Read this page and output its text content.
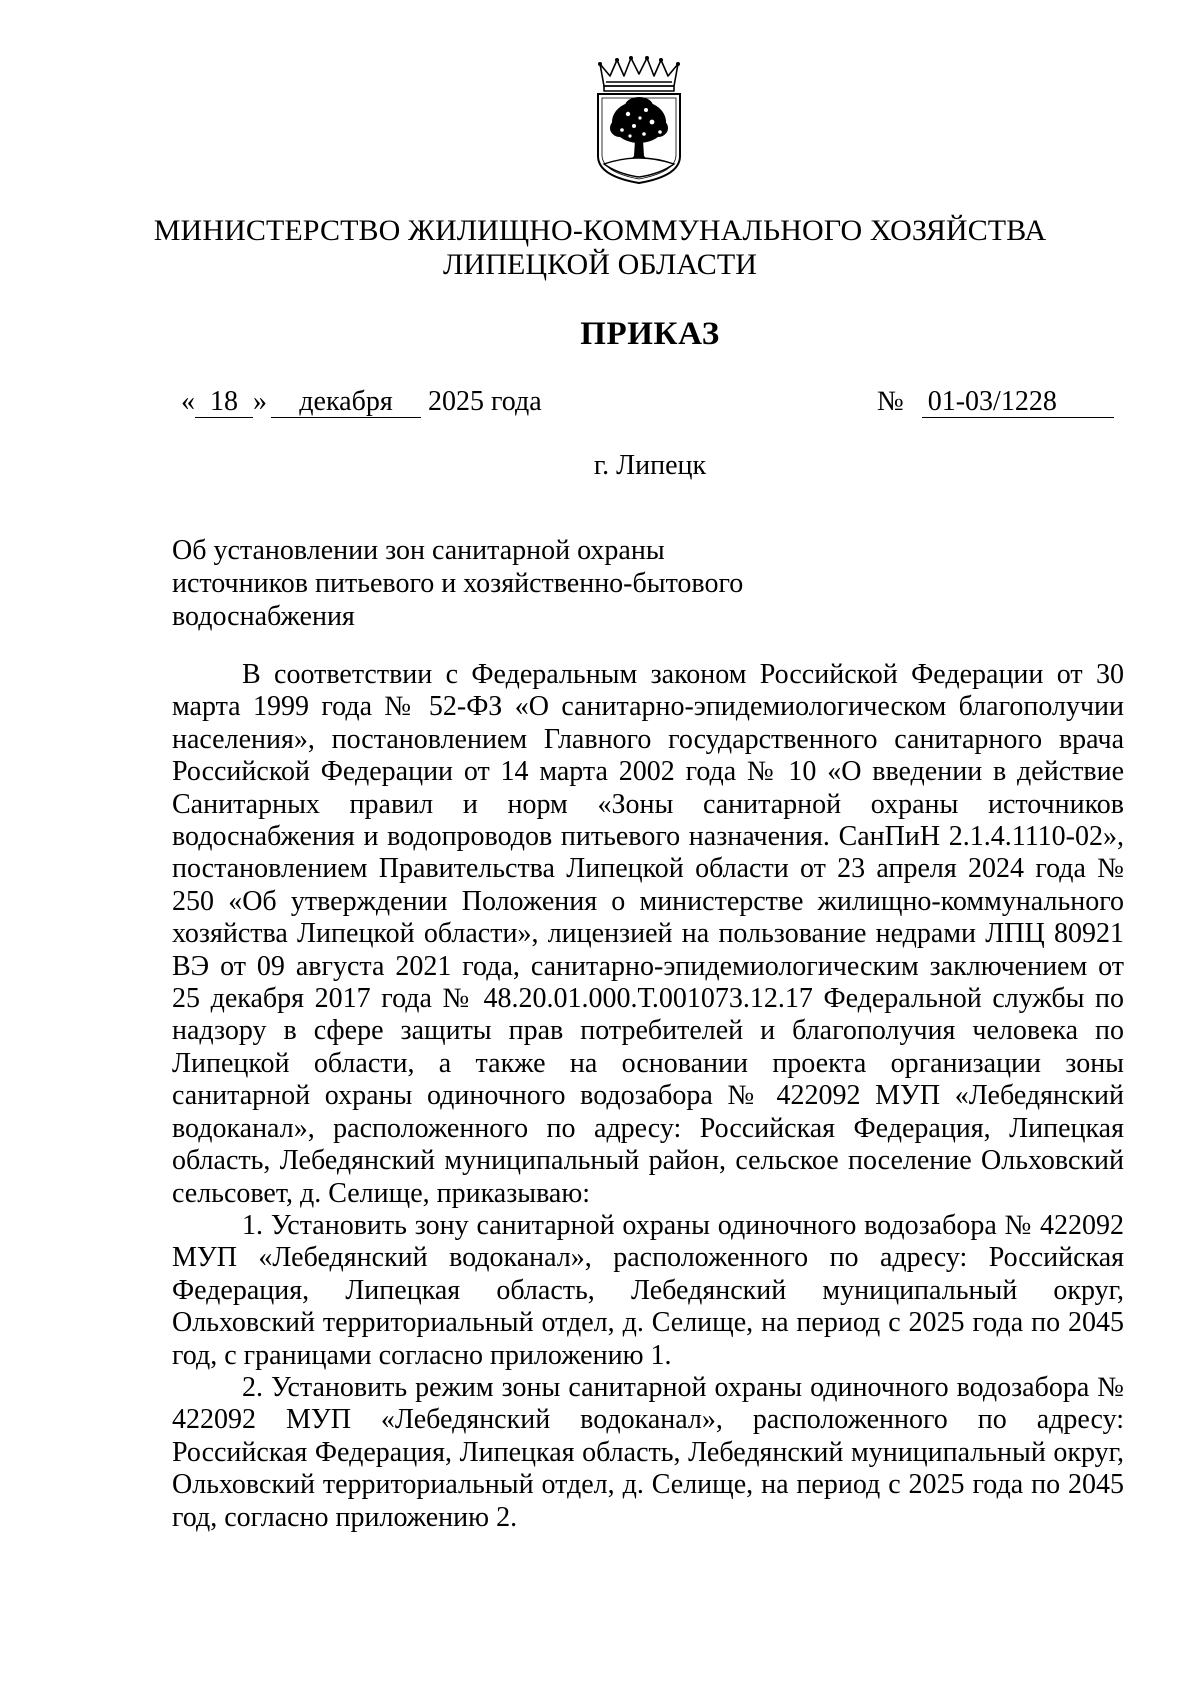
МИНИСТЕРСТВО ЖИЛИЩНО-КОММУНАЛЬНОГО ХОЗЯЙСТВА
ЛИПЕЦКОЙ ОБЛАСТИ
ПРИКАЗ
« 18 » декабря 2025 года	№ 01-03/1228
г. Липецк
Об установлении зон санитарной охраны
источников питьевого и хозяйственно-бытового
водоснабжения

В соответствии с Федеральным законом Российской Федерации от 30 марта 1999 года № 52-ФЗ «О санитарно-эпидемиологическом благополучии населения», постановлением Главного государственного санитарного врача Российской Федерации от 14 марта 2002 года № 10 «О введении в действие Санитарных правил и норм «Зоны санитарной охраны источников водоснабжения и водопроводов питьевого назначения. СанПиН 2.1.4.1110-02», постановлением Правительства Липецкой области от 23 апреля 2024 года № 250 «Об утверждении Положения о министерстве жилищно-коммунального хозяйства Липецкой области», лицензией на пользование недрами ЛПЦ 80921 ВЭ от 09 августа 2021 года, санитарно-эпидемиологическим заключением от 25 декабря 2017 года № 48.20.01.000.Т.001073.12.17 Федеральной службы по надзору в сфере защиты прав потребителей и благополучия человека по Липецкой области, а также на основании проекта организации зоны санитарной охраны одиночного водозабора № 422092 МУП «Лебедянский водоканал», расположенного по адресу: Российская Федерация, Липецкая область, Лебедянский муниципальный район, сельское поселение Ольховский сельсовет, д. Селище, приказываю:

1. Установить зону санитарной охраны одиночного водозабора № 422092 МУП «Лебедянский водоканал», расположенного по адресу: Российская Федерация, Липецкая область, Лебедянский муниципальный округ, Ольховский территориальный отдел, д. Селище, на период с 2025 года по 2045 год, с границами согласно приложению 1.

2. Установить режим зоны санитарной охраны одиночного водозабора № 422092 МУП «Лебедянский водоканал», расположенного по адресу: Российская Федерация, Липецкая область, Лебедянский муниципальный округ, Ольховский территориальный отдел, д. Селище, на период с 2025 года по 2045 год, согласно приложению 2.
